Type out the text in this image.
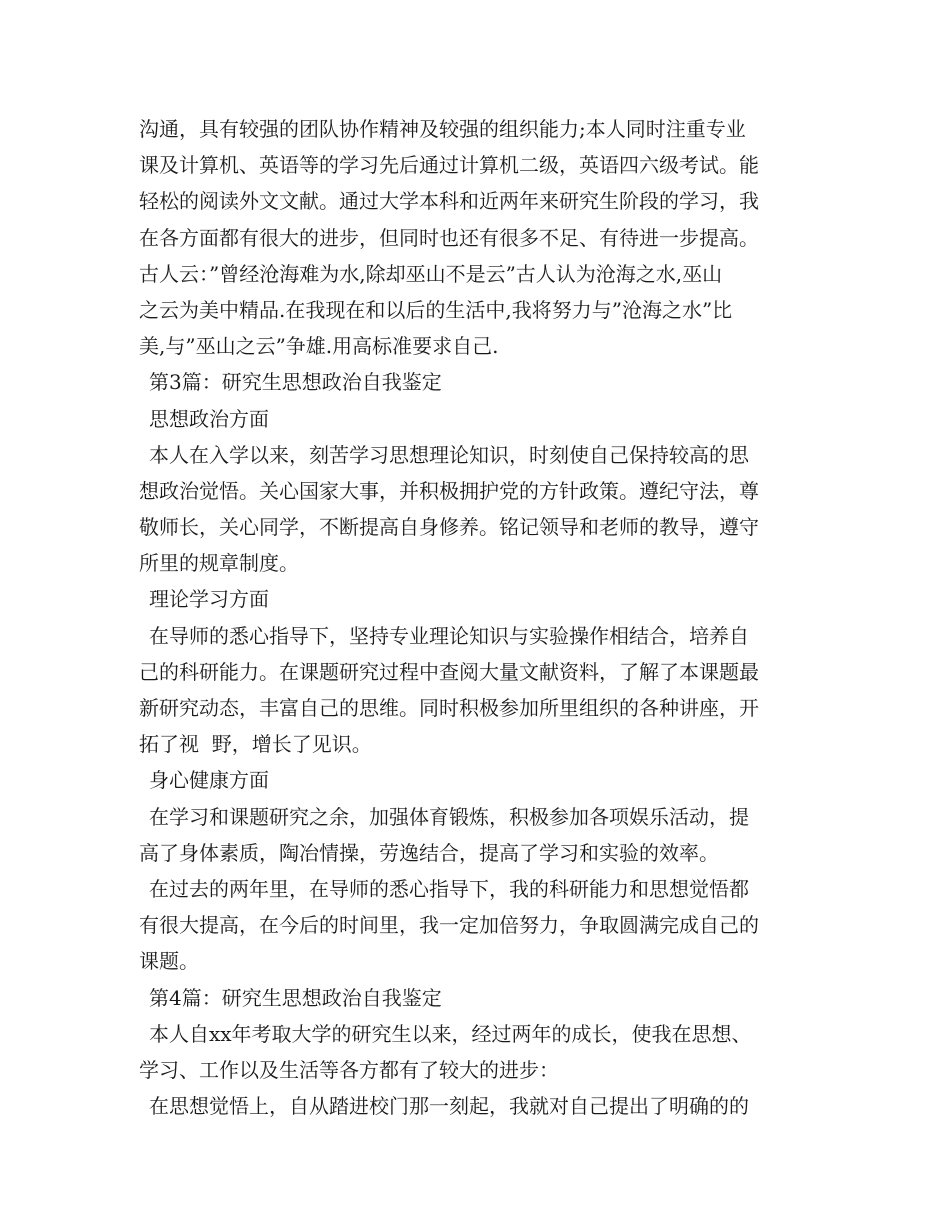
沟通，具有较强的团队协作精神及较强的组织能力;本人同时注重专业
课及计算机、英语等的学习先后通过计算机二级，英语四六级考试。能
轻松的阅读外文文献。通过大学本科和近两年来研究生阶段的学习，我
在各方面都有很大的进步，但同时也还有很多不足、有待进一步提高。
古人云：”曾经沧海难为水,除却巫山不是云”古人认为沧海之水,巫山
之云为美中精品.在我现在和以后的生活中,我将努力与”沧海之水”比
美,与”巫山之云”争雄.用高标准要求自己.
第3篇：研究生思想政治自我鉴定
思想政治方面
本人在入学以来，刻苦学习思想理论知识，时刻使自己保持较高的思
想政治觉悟。关心国家大事，并积极拥护党的方针政策。遵纪守法，尊
敬师长，关心同学，不断提高自身修养。铭记领导和老师的教导，遵守
所里的规章制度。
理论学习方面
在导师的悉心指导下，坚持专业理论知识与实验操作相结合，培养自
己的科研能力。在课题研究过程中查阅大量文献资料，了解了本课题最
新研究动态，丰富自己的思维。同时积极参加所里组织的各种讲座，开
拓了视  野，增长了见识。
身心健康方面
在学习和课题研究之余，加强体育锻炼，积极参加各项娱乐活动，提
高了身体素质，陶冶情操，劳逸结合，提高了学习和实验的效率。
在过去的两年里，在导师的悉心指导下，我的科研能力和思想觉悟都
有很大提高，在今后的时间里，我一定加倍努力，争取圆满完成自己的
课题。
第4篇：研究生思想政治自我鉴定
本人自xx年考取大学的研究生以来，经过两年的成长，使我在思想、
学习、工作以及生活等各方都有了较大的进步：
在思想觉悟上，自从踏进校门那一刻起，我就对自己提出了明确的的
